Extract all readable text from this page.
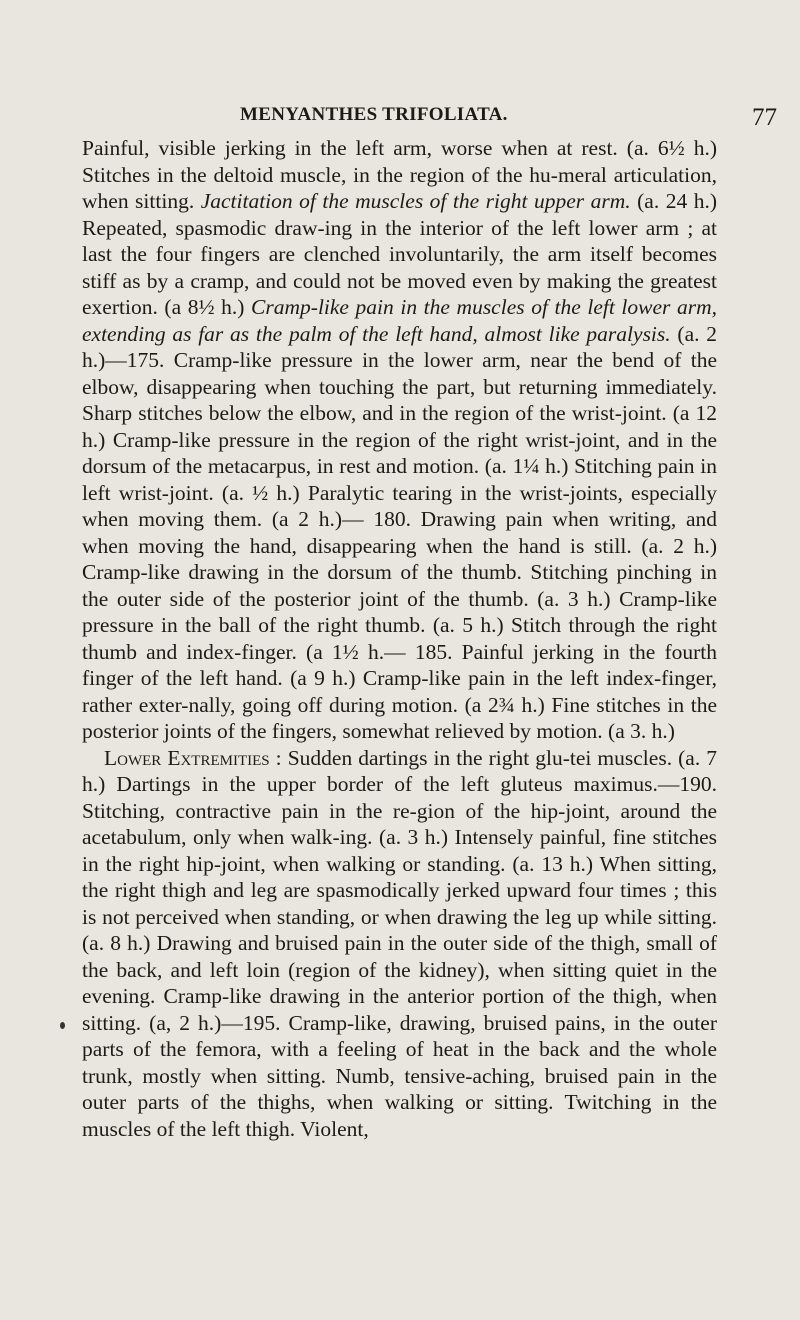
MENYANTHES TRIFOLIATA.	77

Painful, visible jerking in the left arm, worse when at rest. (a. 6½ h.) Stitches in the deltoid muscle, in the region of the hu-meral articulation, when sitting. Jactitation of the muscles of the right upper arm. (a. 24 h.) Repeated, spasmodic draw-ing in the interior of the left lower arm ; at last the four fingers are clenched involuntarily, the arm itself becomes stiff as by a cramp, and could not be moved even by making the greatest exertion. (a 8½ h.) Cramp-like pain in the muscles of the left lower arm, extending as far as the palm of the left hand, almost like paralysis. (a. 2 h.)—175. Cramp-like pressure in the lower arm, near the bend of the elbow, disappearing when touching the part, but returning immediately. Sharp stitches below the elbow, and in the region of the wrist-joint. (a 12 h.) Cramp-like pressure in the region of the right wrist-joint, and in the dorsum of the metacarpus, in rest and motion. (a. 1¼ h.) Stitching pain in left wrist-joint. (a. ½ h.) Paralytic tearing in the wrist-joints, especially when moving them. (a 2 h.)— 180. Drawing pain when writing, and when moving the hand, disappearing when the hand is still. (a. 2 h.) Cramp-like drawing in the dorsum of the thumb. Stitching pinching in the outer side of the posterior joint of the thumb. (a. 3 h.) Cramp-like pressure in the ball of the right thumb. (a. 5 h.) Stitch through the right thumb and index-finger. (a 1½ h.— 185. Painful jerking in the fourth finger of the left hand. (a 9 h.) Cramp-like pain in the left index-finger, rather exter-nally, going off during motion. (a 2¾ h.) Fine stitches in the posterior joints of the fingers, somewhat relieved by motion. (a 3. h.)

Lower Extremities : Sudden dartings in the right glu-tei muscles. (a. 7 h.) Dartings in the upper border of the left gluteus maximus.—190. Stitching, contractive pain in the re-gion of the hip-joint, around the acetabulum, only when walk-ing. (a. 3 h.) Intensely painful, fine stitches in the right hip-joint, when walking or standing. (a. 13 h.) When sitting, the right thigh and leg are spasmodically jerked upward four times ; this is not perceived when standing, or when drawing the leg up while sitting. (a. 8 h.) Drawing and bruised pain in the outer side of the thigh, small of the back, and left loin (region of the kidney), when sitting quiet in the evening. Cramp-like drawing in the anterior portion of the thigh, when sitting. (a, 2 h.)—195. Cramp-like, drawing, bruised pains, in the outer parts of the femora, with a feeling of heat in the back and the whole trunk, mostly when sitting. Numb, tensive-aching, bruised pain in the outer parts of the thighs, when walking or sitting. Twitching in the muscles of the left thigh. Violent,
